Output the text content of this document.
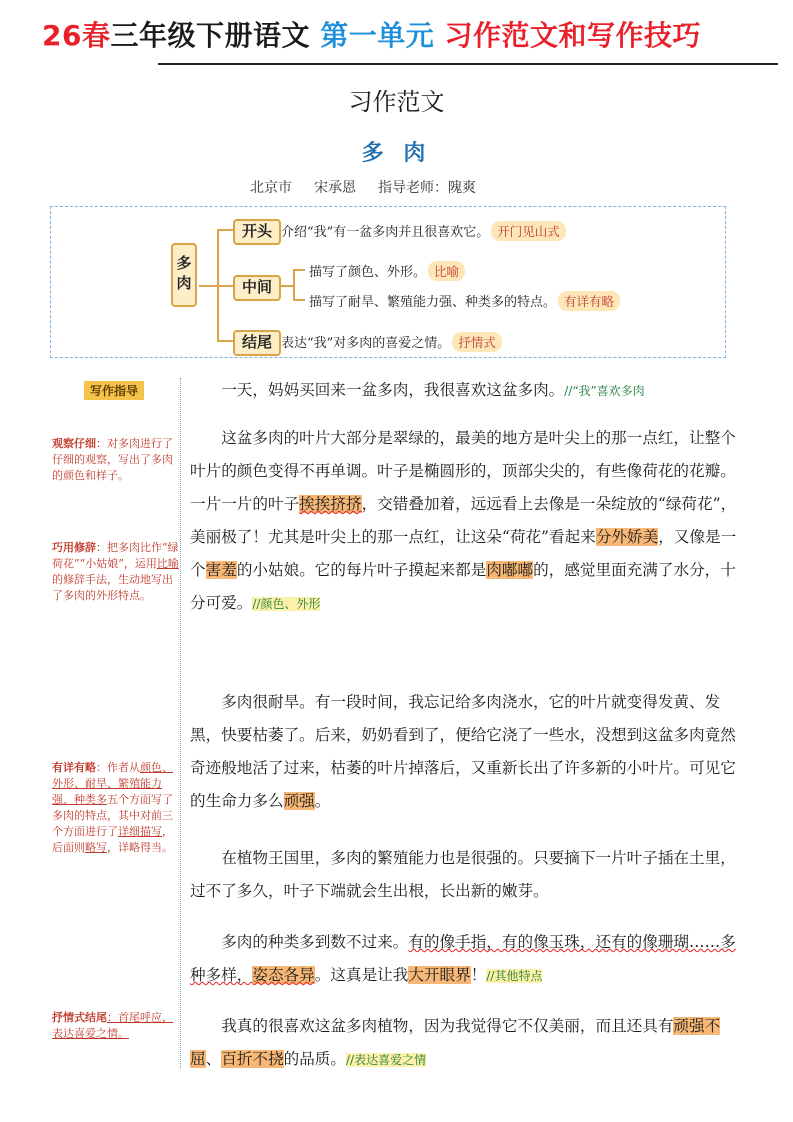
26春三年级下册语文 第一单元 习作范文和写作技巧
习作范文
多 肉
北京市 宋承恩 指导老师：隗爽
多肉
开头 介绍“我”有一盆多肉并且很喜欢它。 开门见山式
中间
描写了颜色、外形。 比喻
描写了耐旱、繁殖能力强、种类多的特点。 有详有略
结尾 表达“我”对多肉的喜爱之情。 抒情式
写作指导
观察仔细：对多肉进行了仔细的观察，写出了多肉的颜色和样子。
巧用修辞：把多肉比作“绿荷花”“小姑娘”，运用比喻的修辞手法，生动地写出了多肉的外形特点。
有详有略：作者从颜色、外形、耐旱、繁殖能力强、种类多五个方面写了多肉的特点，其中对前三个方面进行了详细描写，后面则略写，详略得当。
抒情式结尾：首尾呼应，表达喜爱之情。

一天，妈妈买回来一盆多肉，我很喜欢这盆多肉。//“我”喜欢多肉

这盆多肉的叶片大部分是翠绿的，最美的地方是叶尖上的那一点红，让整个叶片的颜色变得不再单调。叶子是椭圆形的，顶部尖尖的，有些像荷花的花瓣。一片一片的叶子挨挨挤挤，交错叠加着，远远看上去像是一朵绽放的“绿荷花”，美丽极了！尤其是叶尖上的那一点红，让这朵“荷花”看起来分外娇美，又像是一个害羞的小姑娘。它的每片叶子摸起来都是肉嘟嘟的，感觉里面充满了水分，十分可爱。//颜色、外形

多肉很耐旱。有一段时间，我忘记给多肉浇水，它的叶片就变得发黄、发黑，快要枯萎了。后来，奶奶看到了，便给它浇了一些水，没想到这盆多肉竟然奇迹般地活了过来，枯萎的叶片掉落后，又重新长出了许多新的小叶片。可见它的生命力多么顽强。

在植物王国里，多肉的繁殖能力也是很强的。只要摘下一片叶子插在土里，过不了多久，叶子下端就会生出根，长出新的嫩芽。

多肉的种类多到数不过来。有的像手指，有的像玉珠，还有的像珊瑚……多种多样，姿态各异。这真是让我大开眼界！//其他特点

我真的很喜欢这盆多肉植物，因为我觉得它不仅美丽，而且还具有顽强不屈、百折不挠的品质。//表达喜爱之情
